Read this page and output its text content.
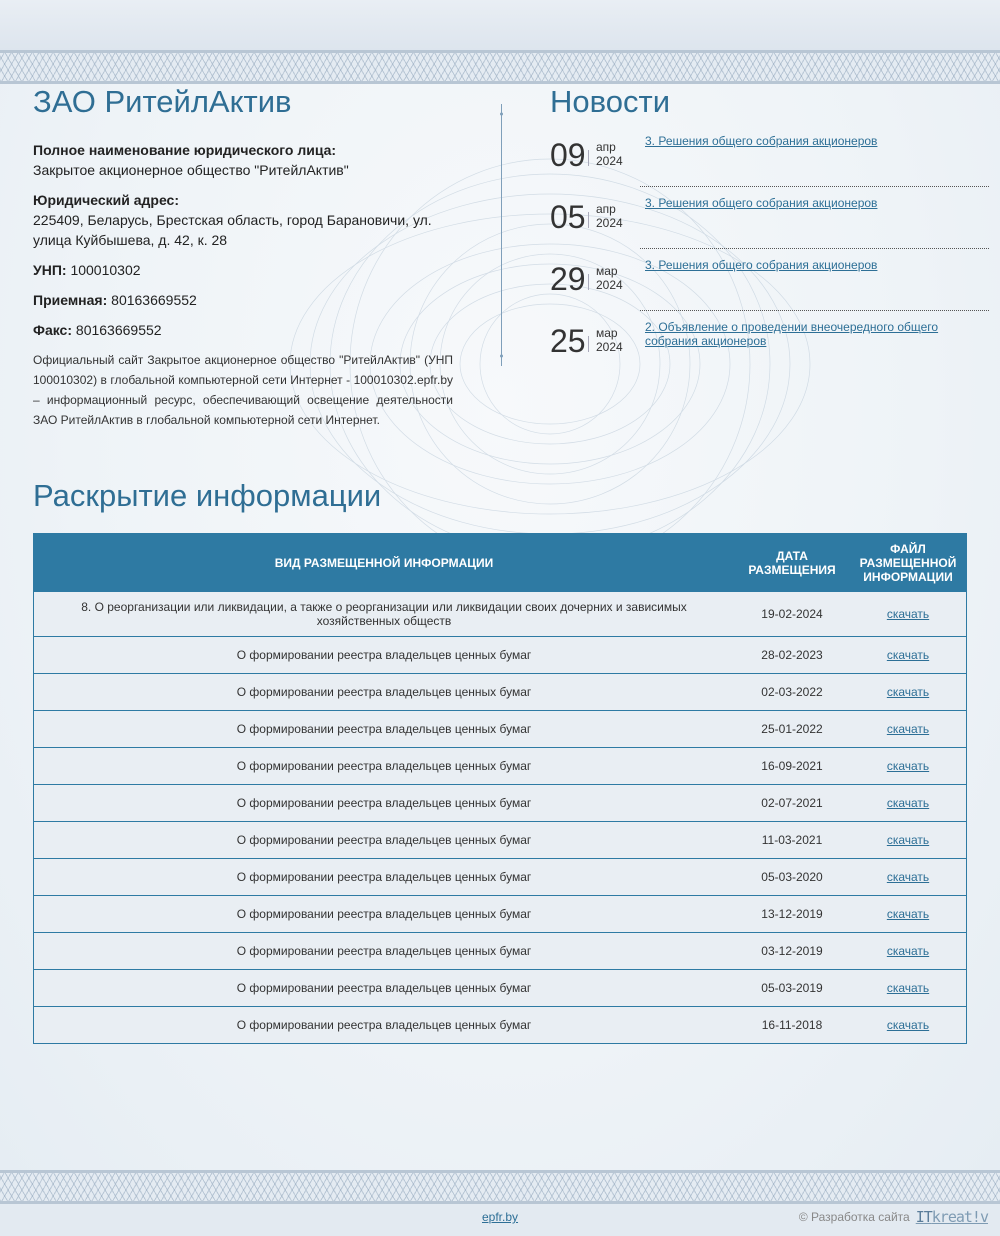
ЗАО РитейлАктив
Полное наименование юридического лица:
Закрытое акционерное общество "РитейлАктив"
Юридический адрес:
225409, Беларусь, Брестская область, город Барановичи, ул. улица Куйбышева, д. 42, к. 28
УНП: 100010302
Приемная: 80163669552
Факс: 80163669552

Официальный сайт Закрытое акционерное общество "РитейлАктив" (УНП 100010302) в глобальной компьютерной сети Интернет - 100010302.epfr.by – информационный ресурс, обеспечивающий освещение деятельности ЗАО РитейлАктив в глобальной компьютерной сети Интернет.

Новости
09 апр
2024
3. Решения общего собрания акционеров
05 апр
2024
3. Решения общего собрания акционеров
29 мар
2024
3. Решения общего собрания акционеров
25 мар
2024
2. Объявление о проведении внеочередного общего собрания акционеров
Раскрытие информации
ВИД РАЗМЕЩЕННОЙ ИНФОРМАЦИИ	ДАТА РАЗМЕЩЕНИЯ	ФАЙЛ РАЗМЕЩЕННОЙ ИНФОРМАЦИИ
8. О реорганизации или ликвидации, а также о реорганизации или ликвидации своих дочерних и зависимых хозяйственных обществ	19-02-2024	скачать
О формировании реестра владельцев ценных бумаг	28-02-2023	скачать
О формировании реестра владельцев ценных бумаг	02-03-2022	скачать
О формировании реестра владельцев ценных бумаг	25-01-2022	скачать
О формировании реестра владельцев ценных бумаг	16-09-2021	скачать
О формировании реестра владельцев ценных бумаг	02-07-2021	скачать
О формировании реестра владельцев ценных бумаг	11-03-2021	скачать
О формировании реестра владельцев ценных бумаг	05-03-2020	скачать
О формировании реестра владельцев ценных бумаг	13-12-2019	скачать
О формировании реестра владельцев ценных бумаг	03-12-2019	скачать
О формировании реестра владельцев ценных бумаг	05-03-2019	скачать
О формировании реестра владельцев ценных бумаг	16-11-2018	скачать
epfr.by	© Разработка сайта ITkreat!v
